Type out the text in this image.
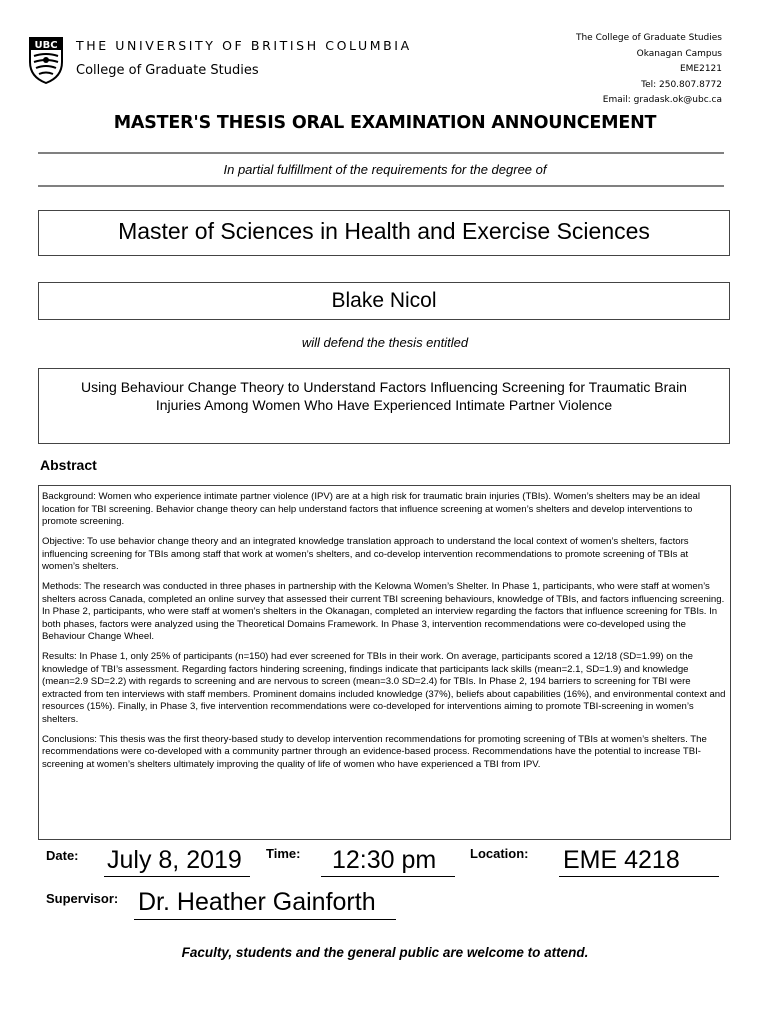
UBC THE UNIVERSITY OF BRITISH COLUMBIA
College of Graduate Studies
The College of Graduate Studies
Okanagan Campus
EME2121
Tel: 250.807.8772
Email: gradask.ok@ubc.ca
MASTER'S THESIS ORAL EXAMINATION ANNOUNCEMENT
In partial fulfillment of the requirements for the degree of
Master of Sciences in Health and Exercise Sciences
Blake Nicol
will defend the thesis entitled
Using Behaviour Change Theory to Understand Factors Influencing Screening for Traumatic Brain Injuries Among Women Who Have Experienced Intimate Partner Violence
Abstract

Background: Women who experience intimate partner violence (IPV) are at a high risk for traumatic brain injuries (TBIs). Women’s shelters may be an ideal location for TBI screening. Behavior change theory can help understand factors that influence screening at women’s shelters and develop interventions to promote screening.

Objective: To use behavior change theory and an integrated knowledge translation approach to understand the local context of women’s shelters, factors influencing screening for TBIs among staff that work at women’s shelters, and co-develop intervention recommendations to promote screening of TBIs at women’s shelters.

Methods: The research was conducted in three phases in partnership with the Kelowna Women’s Shelter. In Phase 1, participants, who were staff at women’s shelters across Canada, completed an online survey that assessed their current TBI screening behaviours, knowledge of TBIs, and factors influencing screening. In Phase 2, participants, who were staff at women’s shelters in the Okanagan, completed an interview regarding the factors that influence screening for TBIs. In both phases, factors were analyzed using the Theoretical Domains Framework. In Phase 3, intervention recommendations were co-developed using the Behaviour Change Wheel.

Results: In Phase 1, only 25% of participants (n=150) had ever screened for TBIs in their work. On average, participants scored a 12/18 (SD=1.99) on the knowledge of TBI’s assessment. Regarding factors hindering screening, findings indicate that participants lack skills (mean=2.1, SD=1.9) and knowledge (mean=2.9 SD=2.2) with regards to screening and are nervous to screen (mean=3.0 SD=2.4) for TBIs. In Phase 2, 194 barriers to screening for TBI were extracted from ten interviews with staff members. Prominent domains included knowledge (37%), beliefs about capabilities (16%), and environmental context and resources (15%). Finally, in Phase 3, five intervention recommendations were co-developed for interventions aiming to promote TBI-screening in women’s shelters.

Conclusions: This thesis was the first theory-based study to develop intervention recommendations for promoting screening of TBIs at women’s shelters. The recommendations were co-developed with a community partner through an evidence-based process. Recommendations have the potential to increase TBI-screening at women’s shelters ultimately improving the quality of life of women who have experienced a TBI from IPV.

Date: July 8, 2019 Time: 12:30 pm	Location: EME 4218
Supervisor: Dr. Heather Gainforth
Faculty, students and the general public are welcome to attend.
